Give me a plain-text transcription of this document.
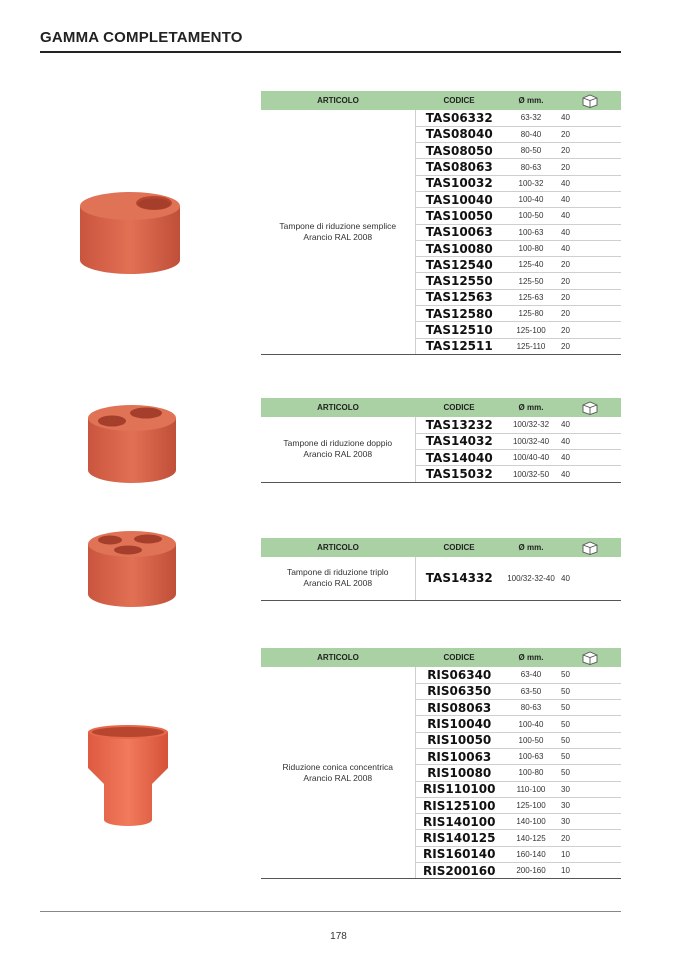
GAMMA COMPLETAMENTO
ARTICOLO	CODICE	Ø mm.	

Tampone di riduzione semplice
Arancio RAL 2008	TAS06332	63-32	40
	TAS08040	80-40	20
	TAS08050	80-50	20
	TAS08063	80-63	20
	TAS10032	100-32	40
	TAS10040	100-40	40
	TAS10050	100-50	40
	TAS10063	100-63	40
	TAS10080	100-80	40
	TAS12540	125-40	20
	TAS12550	125-50	20
	TAS12563	125-63	20
	TAS12580	125-80	20
	TAS12510	125-100	20
	TAS12511	125-110	20
ARTICOLO	CODICE	Ø mm.	

Tampone di riduzione doppio
Arancio RAL 2008	TAS13232	100/32-32	40
	TAS14032	100/32-40	40
	TAS14040	100/40-40	40
	TAS15032	100/32-50	40
ARTICOLO	CODICE	Ø mm.	

Tampone di riduzione triplo
Arancio RAL 2008	TAS14332	100/32-32-40	40
ARTICOLO	CODICE	Ø mm.	

Riduzione conica concentrica
Arancio RAL 2008	RIS06340	63-40	50
	RIS06350	63-50	50
	RIS08063	80-63	50
	RIS10040	100-40	50
	RIS10050	100-50	50
	RIS10063	100-63	50
	RIS10080	100-80	50
	RIS110100	110-100	30
	RIS125100	125-100	30
	RIS140100	140-100	30
	RIS140125	140-125	20
	RIS160140	160-140	10
	RIS200160	200-160	10
178
